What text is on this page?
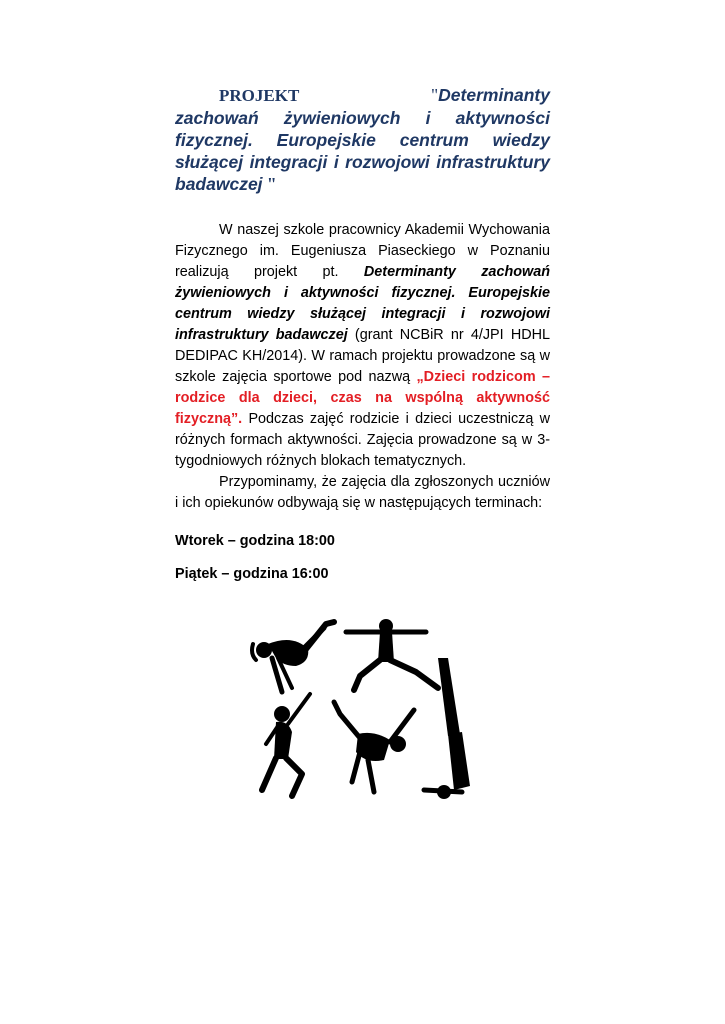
PROJEKT	"Determinanty zachowań żywieniowych i aktywności fizycznej. Europejskie centrum wiedzy służącej integracji i rozwojowi infrastruktury badawczej "

W naszej szkole pracownicy Akademii Wychowania Fizycznego im. Eugeniusza Piaseckiego w Poznaniu realizują projekt pt. Determinanty zachowań żywieniowych i aktywności fizycznej. Europejskie centrum wiedzy służącej integracji i rozwojowi infrastruktury badawczej (grant NCBiR nr 4/JPI HDHL DEDIPAC KH/2014). W ramach projektu prowadzone są w szkole zajęcia sportowe pod nazwą „Dzieci rodzicom – rodzice dla dzieci, czas na wspólną aktywność fizyczną”. Podczas zajęć rodzicie i dzieci uczestniczą w różnych formach aktywności. Zajęcia prowadzone są w 3-tygodniowych różnych blokach tematycznych.

Przypominamy, że zajęcia dla zgłoszonych uczniów i ich opiekunów odbywają się w następujących terminach:

Wtorek – godzina 18:00

Piątek – godzina 16:00
